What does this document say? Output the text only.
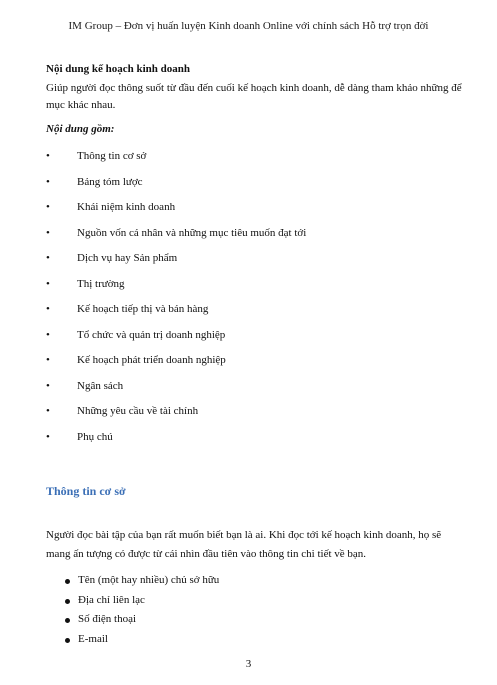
IM Group – Đơn vị huấn luyện Kinh doanh Online với chính sách Hỗ trợ trọn đời
Nội dung kế hoạch kinh doanh
Giúp người đọc thông suốt từ đầu đến cuối kế hoạch kinh doanh, dễ dàng tham khảo những để mục khác nhau.
Nội dung gồm:
• Thông tin cơ sở
• Bảng tóm lược
• Khái niệm kinh doanh
• Nguồn vốn cá nhân và những mục tiêu muốn đạt tới
• Dịch vụ hay Sản phẩm
• Thị trường
• Kế hoạch tiếp thị và bán hàng
• Tổ chức và quản trị doanh nghiệp
• Kế hoạch phát triển doanh nghiệp
• Ngân sách
• Những yêu cầu về tài chính
• Phụ chú
Thông tin cơ sở
Người đọc bài tập của bạn rất muốn biết bạn là ai. Khi đọc tới kế hoạch kinh doanh, họ sẽ mang ấn tượng có được từ cái nhìn đầu tiên vào thông tin chi tiết về bạn.
Tên (một hay nhiều) chủ sở hữu
Địa chỉ liên lạc
Số điện thoại
E-mail
3
